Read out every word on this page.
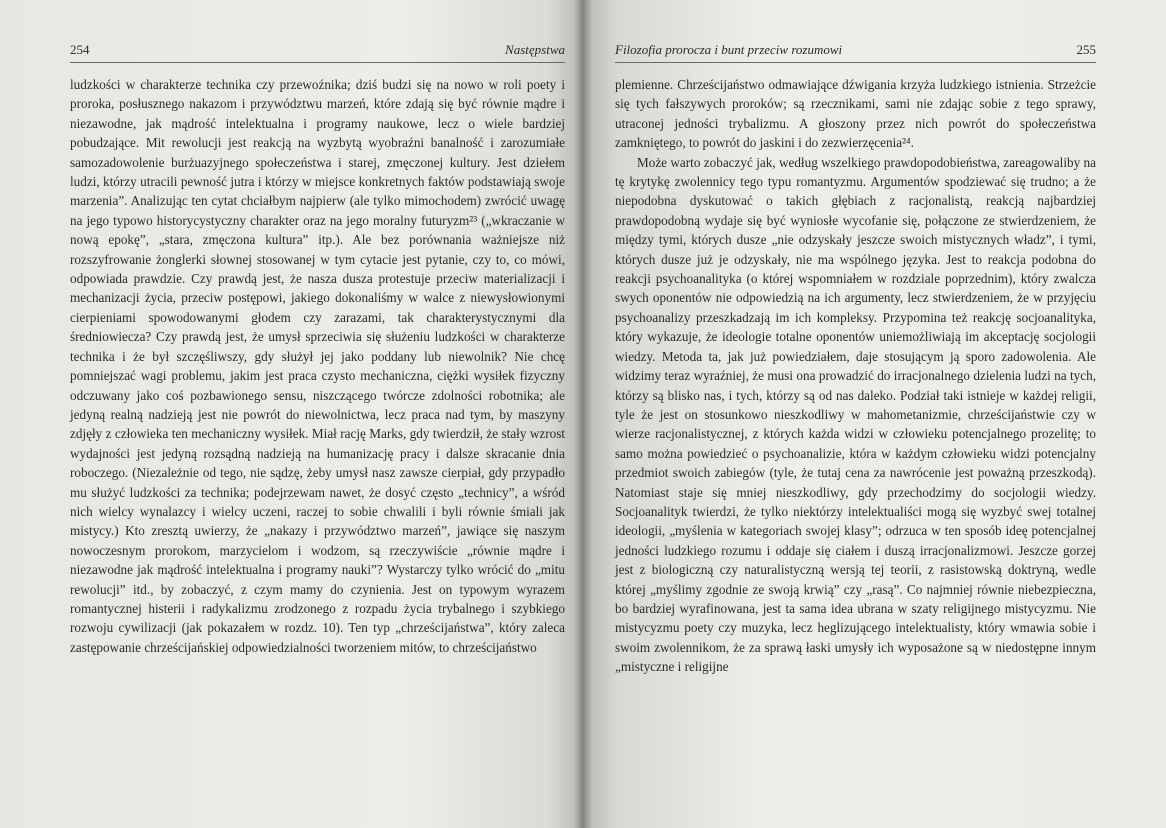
254	Następstwa

ludzkości w charakterze technika czy przewoźnika; dziś budzi się na nowo w roli poety i proroka, posłusznego nakazom i przywództwu marzeń, które zdają się być równie mądre i niezawodne, jak mądrość intelektualna i programy naukowe, lecz o wiele bardziej pobudzające. Mit rewolucji jest reakcją na wyzbytą wyobraźni banalność i zarozumiałe samozadowolenie burżuazyjnego społeczeństwa i starej, zmęczonej kultury. Jest dziełem ludzi, którzy utracili pewność jutra i którzy w miejsce konkretnych faktów podstawiają swoje marzenia”. Analizując ten cytat chciałbym najpierw (ale tylko mimochodem) zwrócić uwagę na jego typowo historycystyczny charakter oraz na jego moralny futuryzm²³ („wkraczanie w nową epokę”, „stara, zmęczona kultura” itp.). Ale bez porównania ważniejsze niż rozszyfrowanie żonglerki słownej stosowanej w tym cytacie jest pytanie, czy to, co mówi, odpowiada prawdzie. Czy prawdą jest, że nasza dusza protestuje przeciw materializacji i mechanizacji życia, przeciw postępowi, jakiego dokonaliśmy w walce z niewysłowionymi cierpieniami spowodowanymi głodem czy zarazami, tak charakterystycznymi dla średniowiecza? Czy prawdą jest, że umysł sprzeciwia się służeniu ludzkości w charakterze technika i że był szczęśliwszy, gdy służył jej jako poddany lub niewolnik? Nie chcę pomniejszać wagi problemu, jakim jest praca czysto mechaniczna, ciężki wysiłek fizyczny odczuwany jako coś pozbawionego sensu, niszczącego twórcze zdolności robotnika; ale jedyną realną nadzieją jest nie powrót do niewolnictwa, lecz praca nad tym, by maszyny zdjęły z człowieka ten mechaniczny wysiłek. Miał rację Marks, gdy twierdził, że stały wzrost wydajności jest jedyną rozsądną nadzieją na humanizację pracy i dalsze skracanie dnia roboczego. (Niezależnie od tego, nie sądzę, żeby umysł nasz zawsze cierpiał, gdy przypadło mu służyć ludzkości za technika; podejrzewam nawet, że dosyć często „technicy”, a wśród nich wielcy wynalazcy i wielcy uczeni, raczej to sobie chwalili i byli równie śmiali jak mistycy.) Kto zresztą uwierzy, że „nakazy i przywództwo marzeń”, jawiące się naszym nowoczesnym prorokom, marzycielom i wodzom, są rzeczywiście „równie mądre i niezawodne jak mądrość intelektualna i programy nauki”? Wystarczy tylko wrócić do „mitu rewolucji” itd., by zobaczyć, z czym mamy do czynienia. Jest on typowym wyrazem romantycznej histerii i radykalizmu zrodzonego z rozpadu życia trybalnego i szybkiego rozwoju cywilizacji (jak pokazałem w rozdz. 10). Ten typ „chrześcijaństwa”, który zaleca zastępowanie chrześcijańskiej odpowiedzialności tworzeniem mitów, to chrześcijaństwo

Filozofia proroczа i bunt przeciw rozumowi	255

plemienne. Chrześcijaństwo odmawiające dźwigania krzyża ludzkiego istnienia. Strzeżcie się tych fałszywych proroków; są rzecznikami, sami nie zdając sobie z tego sprawy, utraconej jedności trybalizmu. A głoszony przez nich powrót do społeczeństwa zamkniętego, to powrót do jaskini i do zezwierzęcenia²⁴.

Może warto zobaczyć jak, według wszelkiego prawdopodobieństwa, zareagowaliby na tę krytykę zwolennicy tego typu romantyzmu. Argumentów spodziewać się trudno; a że niepodobna dyskutować o takich głębiach z racjonalistą, reakcją najbardziej prawdopodobną wydaje się być wyniosłe wycofanie się, połączone ze stwierdzeniem, że między tymi, których dusze „nie odzyskały jeszcze swoich mistycznych władz”, i tymi, których dusze już je odzyskały, nie ma wspólnego języka. Jest to reakcja podobna do reakcji psychoanalityka (o której wspomniałem w rozdziale poprzednim), który zwalcza swych oponentów nie odpowiedzią na ich argumenty, lecz stwierdzeniem, że w przyjęciu psychoanalizy przeszkadzają im ich kompleksy. Przypomina też reakcję socjoanalityka, który wykazuje, że ideologie totalne oponentów uniemożliwiają im akceptację socjologii wiedzy. Metoda ta, jak już powiedziałem, daje stosującym ją sporo zadowolenia. Ale widzimy teraz wyraźniej, że musi ona prowadzić do irracjonalnego dzielenia ludzi na tych, którzy są blisko nas, i tych, którzy są od nas daleko. Podział taki istnieje w każdej religii, tyle że jest on stosunkowo nieszkodliwy w mahometanizmie, chrześcijaństwie czy w wierze racjonalistycznej, z których każda widzi w człowieku potencjalnego prozelitę; to samo można powiedzieć o psychoanalizie, która w każdym człowieku widzi potencjalny przedmiot swoich zabiegów (tyle, że tutaj cena za nawrócenie jest poważną przeszkodą). Natomiast staje się mniej nieszkodliwy, gdy przechodzimy do socjologii wiedzy. Socjoanalityk twierdzi, że tylko niektórzy intelektualiści mogą się wyzbyć swej totalnej ideologii, „myślenia w kategoriach swojej klasy”; odrzuca w ten sposób ideę potencjalnej jedności ludzkiego rozumu i oddaje się ciałem i duszą irracjonalizmowi. Jeszcze gorzej jest z biologiczną czy naturalistyczną wersją tej teorii, z rasistowską doktryną, wedle której „myślimy zgodnie ze swoją krwią” czy „rasą”. Co najmniej równie niebezpieczna, bo bardziej wyrafinowana, jest ta sama idea ubrana w szaty religijnego mistycyzmu. Nie mistycyzmu poety czy muzyka, lecz heglizującego intelektualisty, który wmawia sobie i swoim zwolennikom, że za sprawą łaski umysły ich wyposażone są w niedostępne innym „mistyczne i religijne
